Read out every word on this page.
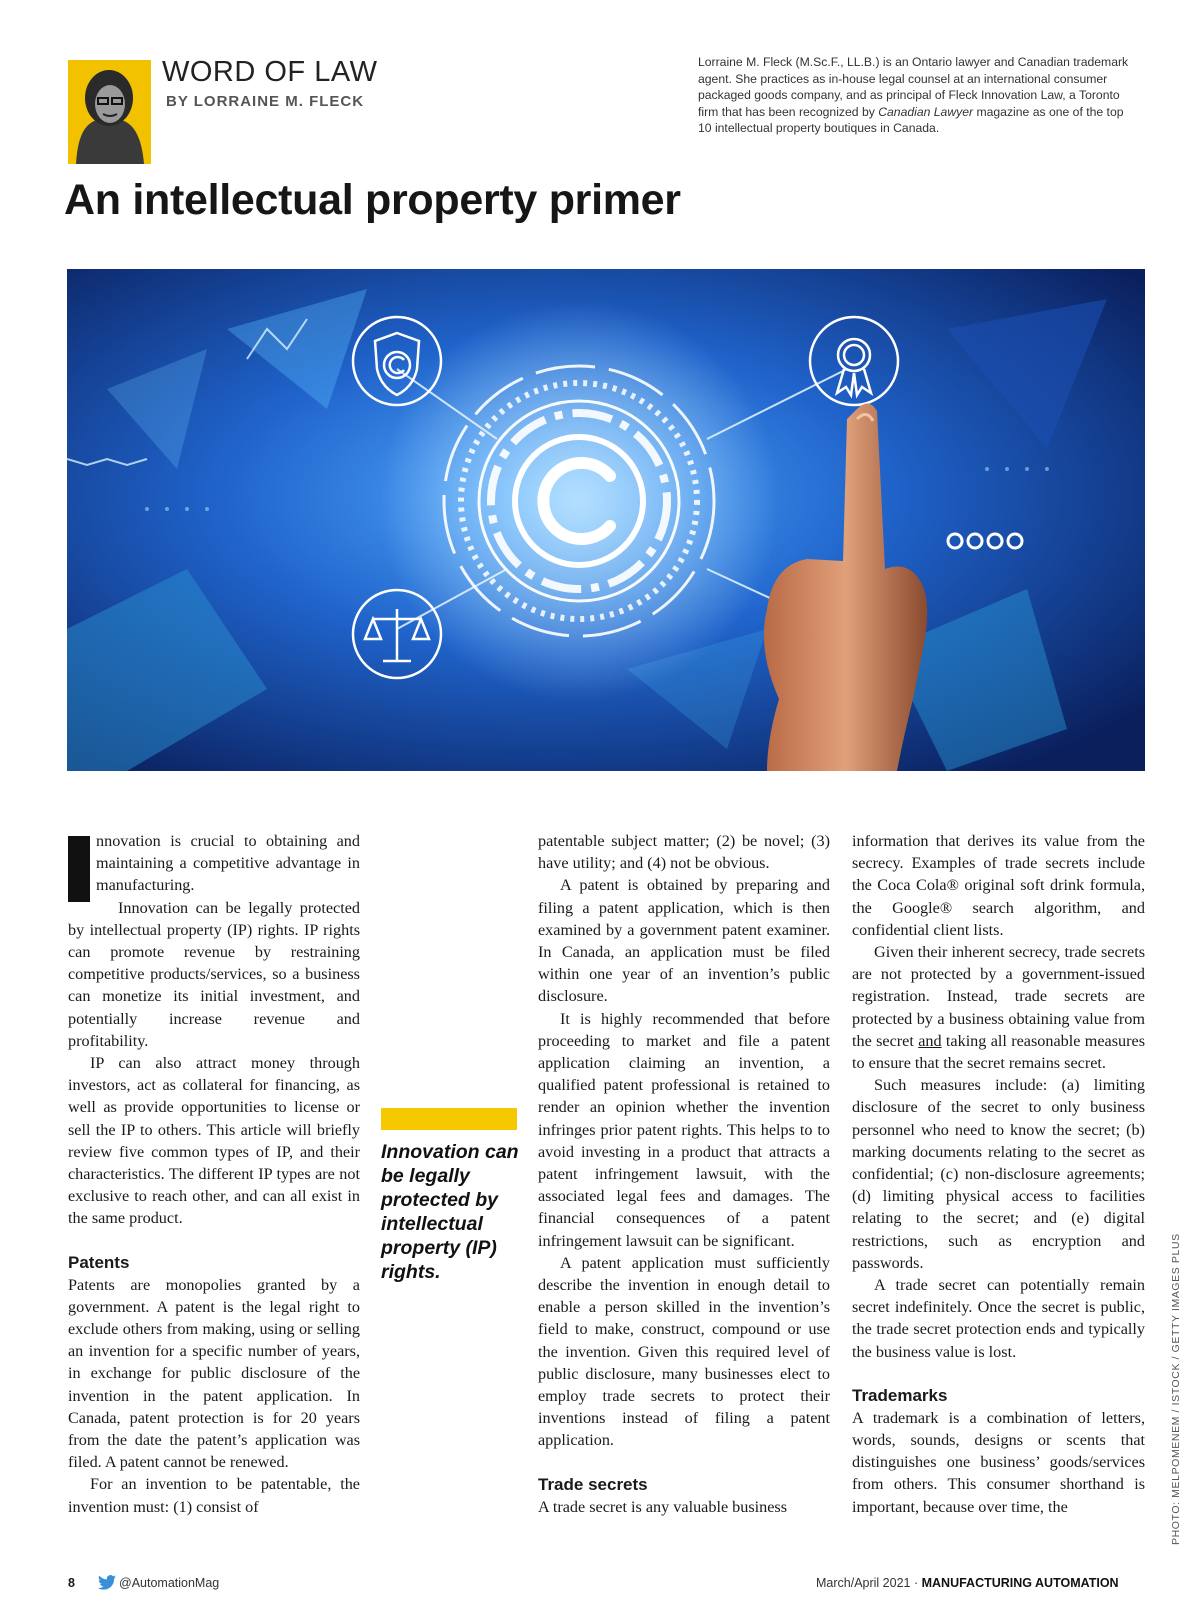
WORD OF LAW
BY LORRAINE M. FLECK
Lorraine M. Fleck (M.Sc.F., LL.B.) is an Ontario lawyer and Canadian trademark agent. She practices as in-house legal counsel at an international consumer packaged goods company, and as principal of Fleck Innovation Law, a Toronto firm that has been recognized by Canadian Lawyer magazine as one of the top 10 intellectual property boutiques in Canada.
An intellectual property primer

nnovation is crucial to obtaining and maintaining a competitive advantage in manufacturing.

Innovation can be legally protected by intellectual property (IP) rights. IP rights can promote revenue by restraining competitive products/services, so a business can monetize its initial investment, and potentially increase revenue and profitability.

IP can also attract money through investors, act as collateral for financing, as well as provide opportunities to license or sell the IP to others. This article will briefly review five common types of IP, and their characteristics. The different IP types are not exclusive to reach other, and can all exist in the same product.

Patents

Patents are monopolies granted by a government. A patent is the legal right to exclude others from making, using or selling an invention for a specific number of years, in exchange for public disclosure of the invention in the patent application. In Canada, patent protection is for 20 years from the date the patent’s application was filed. A patent cannot be renewed.

For an invention to be patentable, the invention must: (1) consist of

Innovation can be legally protected by intellectual property (IP) rights.

patentable subject matter; (2) be novel; (3) have utility; and (4) not be obvious.

A patent is obtained by preparing and filing a patent application, which is then examined by a government patent examiner. In Canada, an application must be filed within one year of an invention’s public disclosure.

It is highly recommended that before proceeding to market and file a patent application claiming an invention, a qualified patent professional is retained to render an opinion whether the invention infringes prior patent rights. This helps to to avoid investing in a product that attracts a patent infringement lawsuit, with the associated legal fees and damages. The financial consequences of a patent infringement lawsuit can be significant.

A patent application must sufficiently describe the invention in enough detail to enable a person skilled in the invention’s field to make, construct, compound or use the invention. Given this required level of public disclosure, many businesses elect to employ trade secrets to protect their inventions instead of filing a patent application.

Trade secrets

A trade secret is any valuable business

information that derives its value from the secrecy. Examples of trade secrets include the Coca Cola® original soft drink formula, the Google® search algorithm, and confidential client lists.

Given their inherent secrecy, trade secrets are not protected by a government-issued registration. Instead, trade secrets are protected by a business obtaining value from the secret and taking all reasonable measures to ensure that the secret remains secret.

Such measures include: (a) limiting disclosure of the secret to only business personnel who need to know the secret; (b) marking documents relating to the secret as confidential; (c) non-disclosure agreements; (d) limiting physical access to facilities relating to the secret; and (e) digital restrictions, such as encryption and passwords.

A trade secret can potentially remain secret indefinitely. Once the secret is public, the trade secret protection ends and typically the business value is lost.

Trademarks

A trademark is a combination of letters, words, sounds, designs or scents that distinguishes one business’ goods/services from others. This consumer shorthand is important, because over time, the	PHOTO: MELPOMENEM / ISTOCK / GETTY IMAGES PLUS
8	@AutomationMag	March/April 2021 · MANUFACTURING AUTOMATION
